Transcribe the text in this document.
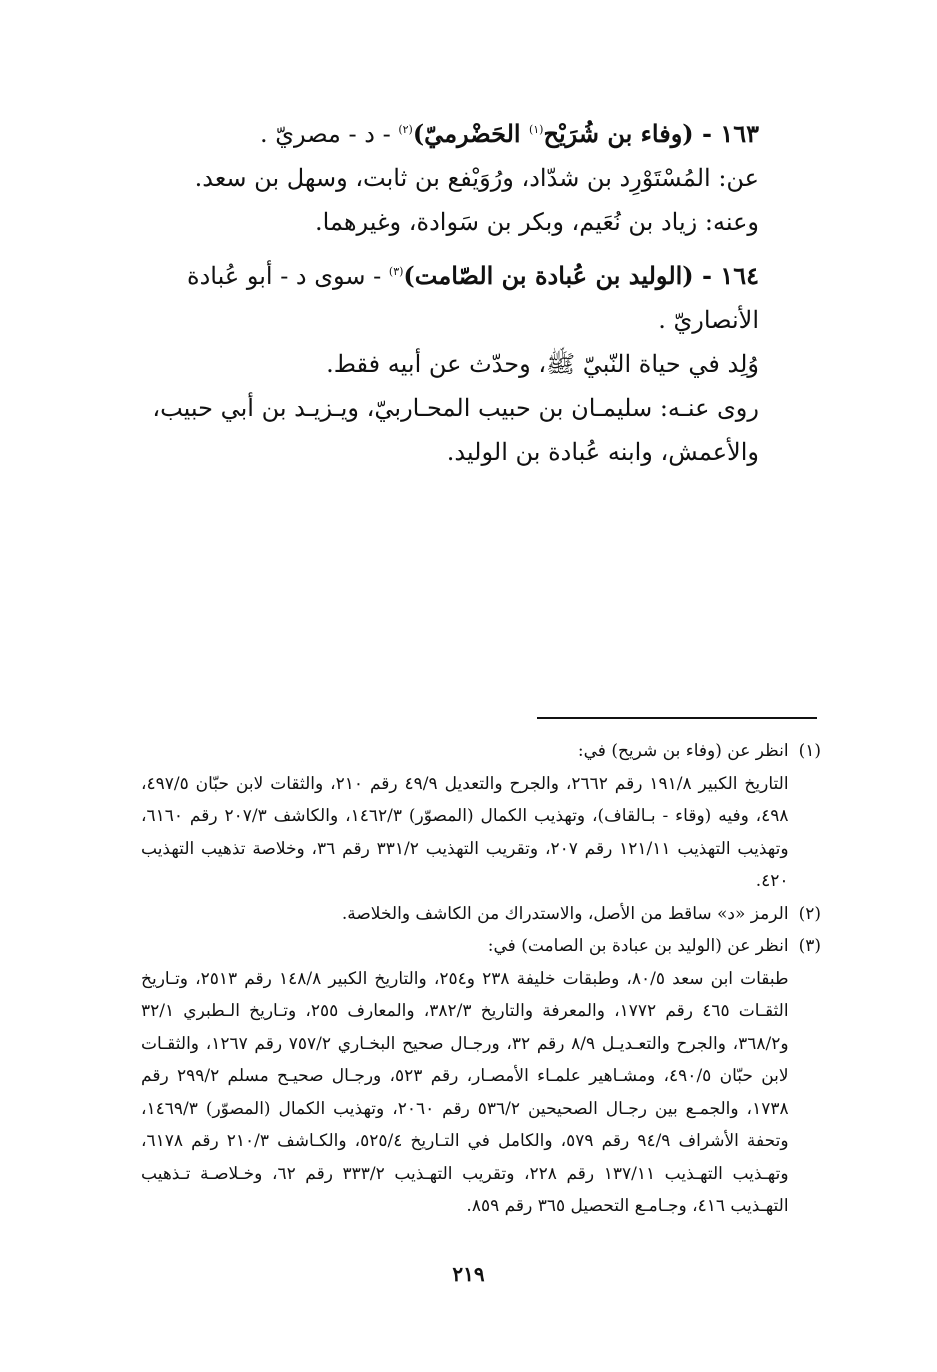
١٦٣ - (وفاء بن شُرَيْح$^{(١)}$ الحَضْرميّ)$^{(٢)}$ - د - مصريّ .

عن: المُسْتَوْرِد بن شدّاد، ورُوَيْفع بن ثابت، وسهل بن سعد.

وعنه: زياد بن نُعَيم، وبكر بن سَوادة، وغيرهما.

١٦٤ - (الوليد بن عُبادة بن الصّامت)$^{(٣)}$ - سوى د - أبو عُبادة الأنصاريّ .

وُلِد في حياة النّبيّ ﷺ، وحدّث عن أبيه فقط.

روى عنـه: سليمـان بن حبيب المحـاربيّ، ويـزيـد بن أبي حبيب، والأعمش، وابنه عُبادة بن الوليد.

(١)

انظر عن (وفاء بن شريح) في:

التاريخ الكبير ١٩١/٨ رقم ٢٦٦٢، والجرح والتعديل ٤٩/٩ رقم ٢١٠، والثقات لابن حبّان ٤٩٧/٥، ٤٩٨، وفيه (وقاء - بـالقاف)، وتهذيب الكمال (المصوّر) ١٤٦٢/٣، والكاشف ٢٠٧/٣ رقم ٦١٦٠، وتهذيب التهذيب ١٢١/١١ رقم ٢٠٧، وتقريب التهذيب ٣٣١/٢ رقم ٣٦، وخلاصة تذهيب التهذيب ٤٢٠.

(٢)

الرمز «د» ساقط من الأصل، والاستدراك من الكاشف والخلاصة.

(٣)

انظر عن (الوليد بن عبادة بن الصامت) في:

طبقات ابن سعد ٨٠/٥، وطبقات خليفة ٢٣٨ و٢٥٤، والتاريخ الكبير ١٤٨/٨ رقم ٢٥١٣، وتـاريخ الثقـات ٤٦٥ رقم ١٧٧٢، والمعرفة والتاريخ ٣٨٢/٣، والمعارف ٢٥٥، وتـاريخ الـطبري ٣٢/١ و٣٦٨/٢، والجرح والتعـديـل ٨/٩ رقم ٣٢، ورجـال صحيح البخـاري ٧٥٧/٢ رقم ١٢٦٧، والثقـات لابن حبّان ٤٩٠/٥، ومشـاهير علمـاء الأمصـار، رقم ٥٢٣، ورجـال صحيـح مسلم ٢٩٩/٢ رقم ١٧٣٨، والجمـع بين رجـال الصحيحين ٥٣٦/٢ رقم ٢٠٦٠، وتهذيب الكمال (المصوّر) ١٤٦٩/٣، وتحفة الأشراف ٩٤/٩ رقم ٥٧٩، والكامل في التـاريخ ٥٢٥/٤، والكـاشف ٢١٠/٣ رقم ٦١٧٨، وتهـذيب التهـذيب ١٣٧/١١ رقم ٢٢٨، وتقريب التهـذيب ٣٣٣/٢ رقم ٦٢، وخـلاصـة تـذهيب التهـذيب ٤١٦، وجـامـع التحصيل ٣٦٥ رقم ٨٥٩.

٢١٩
